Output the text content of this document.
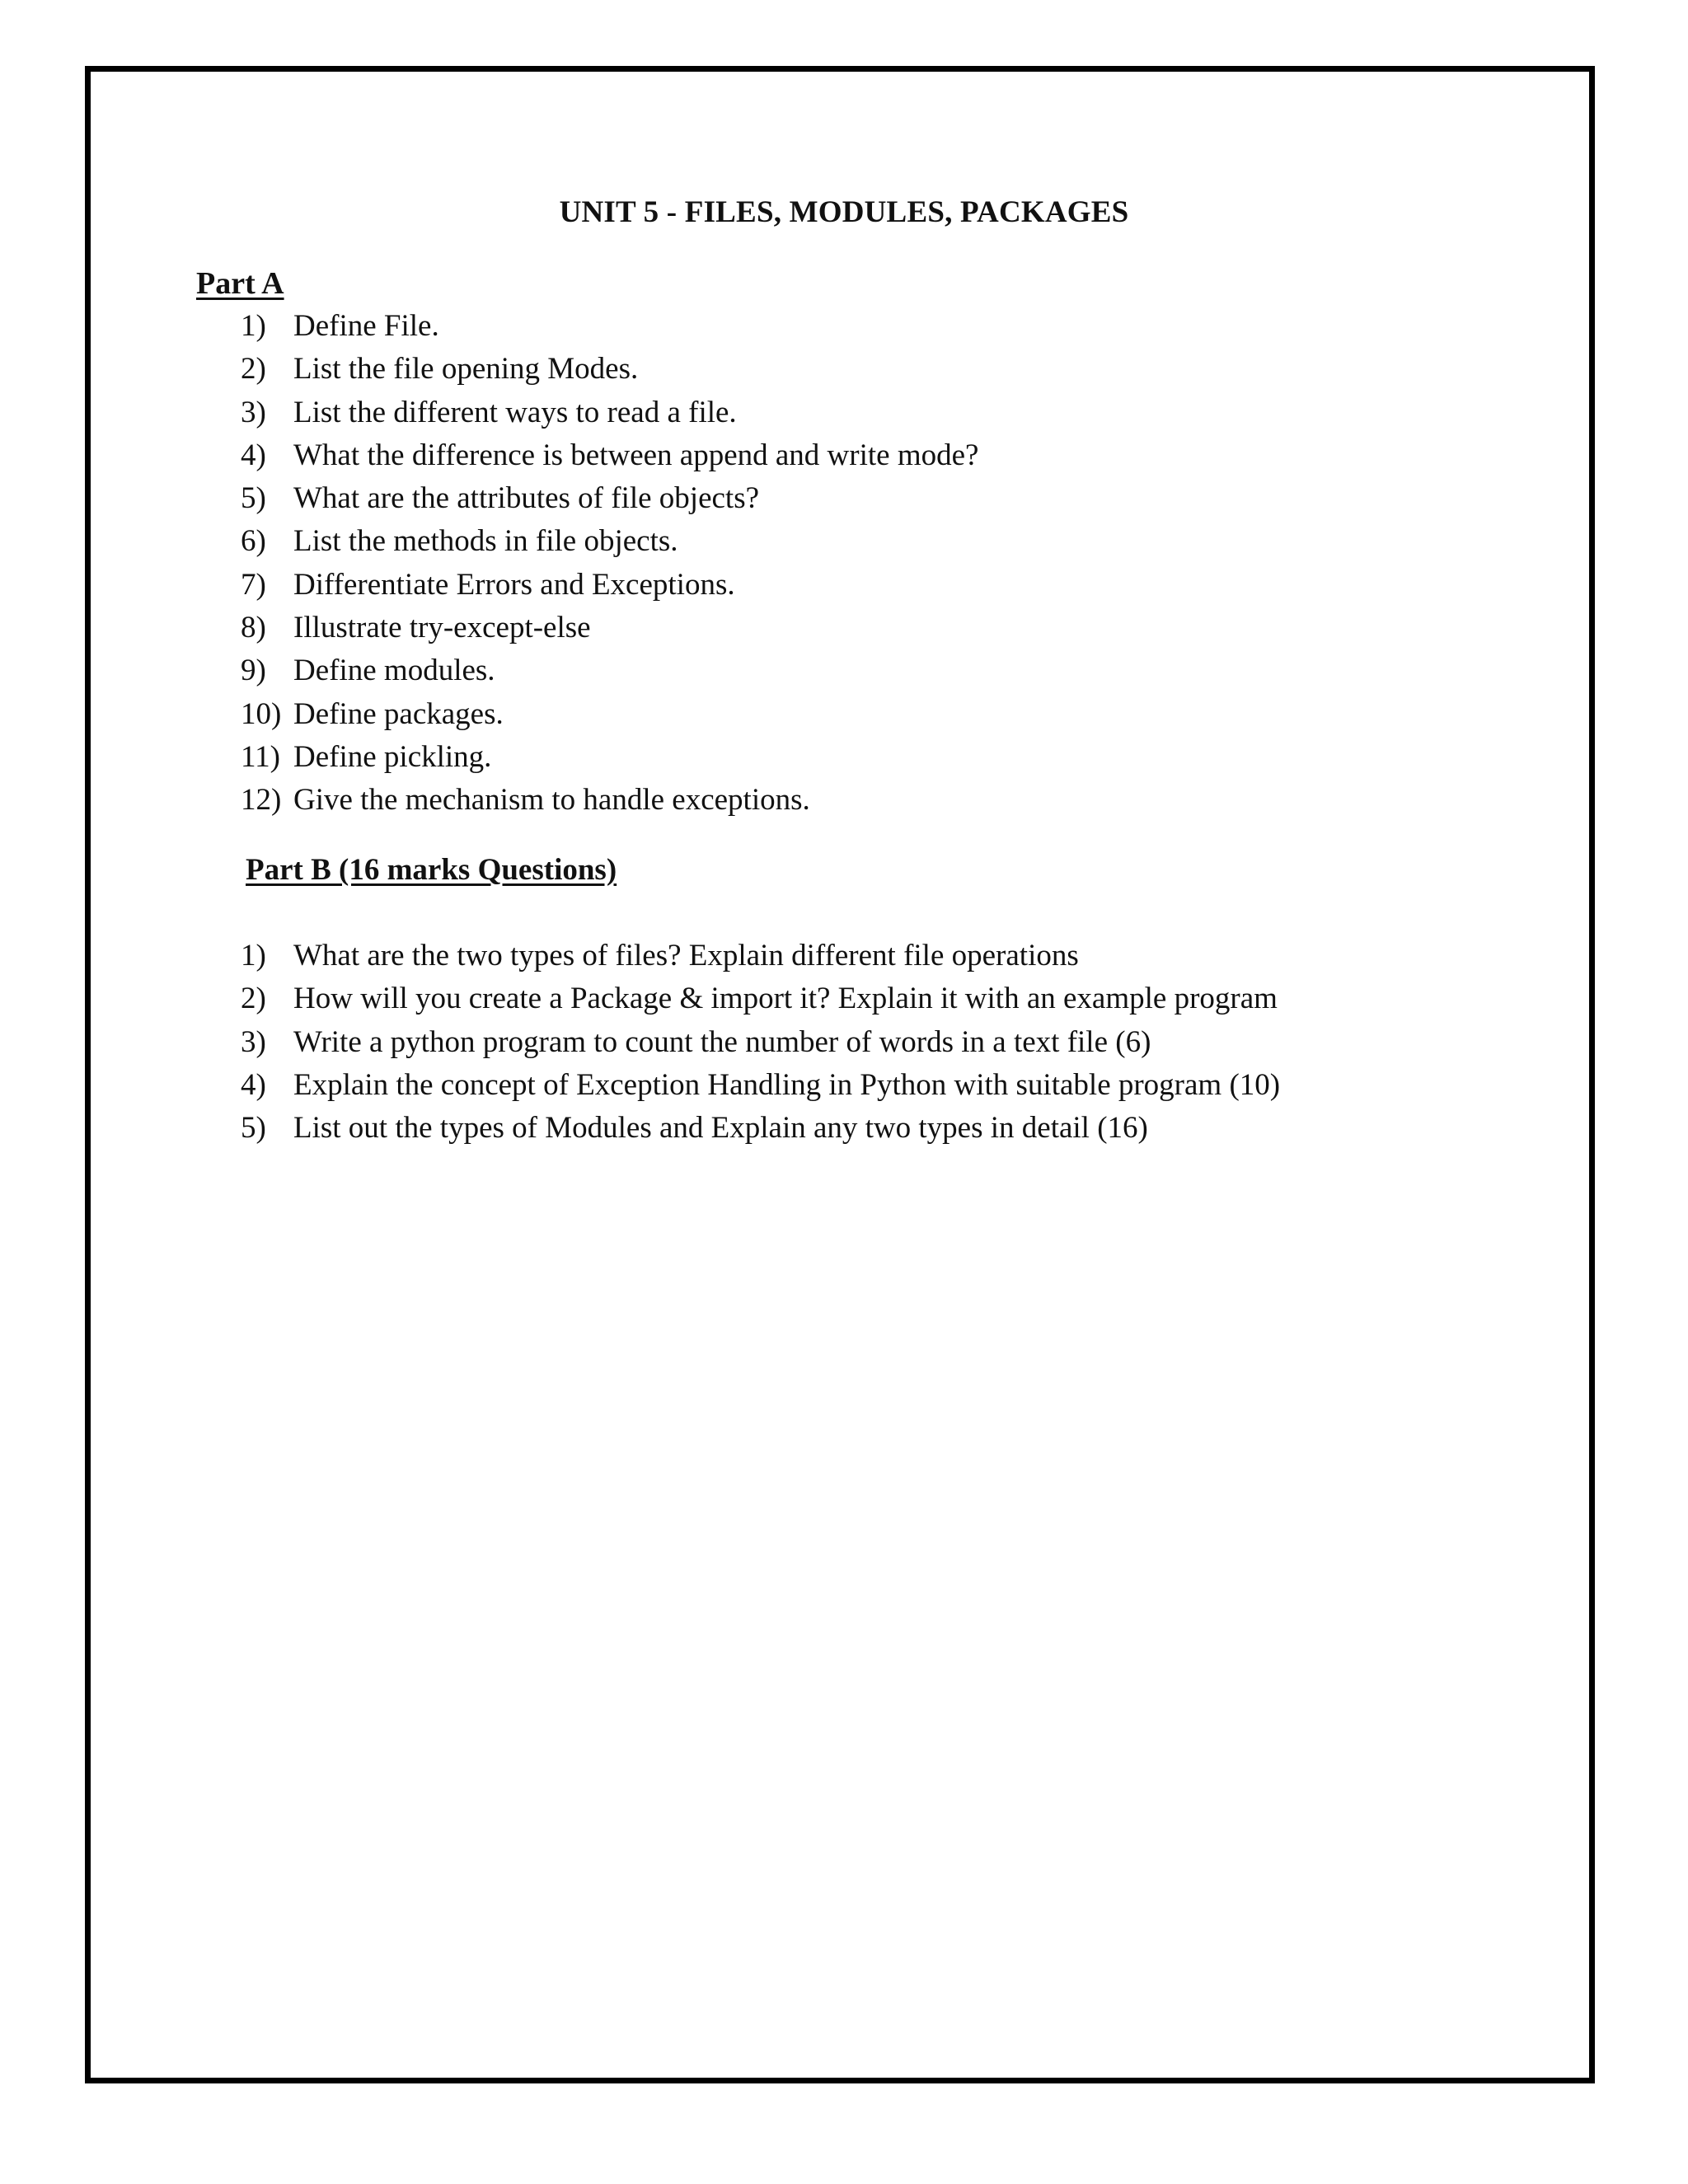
UNIT 5 - FILES, MODULES, PACKAGES
Part A
1) Define File.
2) List the file opening Modes.
3) List the different ways to read a file.
4) What the difference is between append and write mode?
5) What are the attributes of file objects?
6) List the methods in file objects.
7) Differentiate Errors and Exceptions.
8) Illustrate try-except-else
9) Define modules.
10) Define packages.
11) Define pickling.
12) Give the mechanism to handle exceptions.
Part B (16 marks Questions)
1) What are the two types of files? Explain different file operations
2) How will you create a Package & import it? Explain it with an example program
3) Write a python program to count the number of words in a text file (6)
4) Explain the concept of Exception Handling in Python with suitable program (10)
5) List out the types of Modules and Explain any two types in detail (16)
